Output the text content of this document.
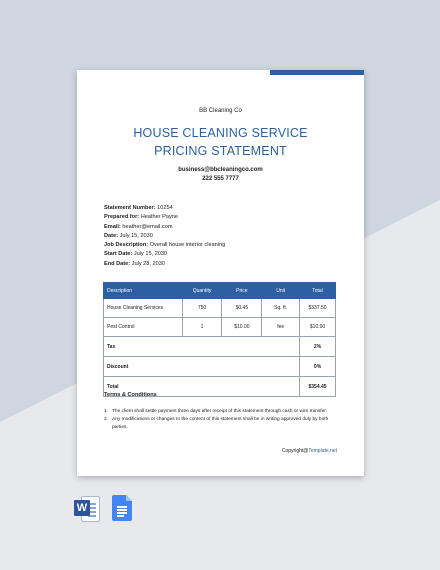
BB Cleaning Co
HOUSE CLEANING SERVICE
PRICING STATEMENT
business@bbcleaningco.com
222 555 7777
Statement Number: 10254
Prepared for: Heather Payne
Email: heather@email.com
Date: July 15, 2030
Job Description: Overall house interior cleaning
Start Date: July 15, 2030
End Date: July 28, 2030
Description	Quantity	Price	Unit	Total
House Cleaning Services	750	$0.45	Sq. ft.	$337.50
Pest Control	1	$10.00	fee	$10.00
Tax				2%
Discount				0%
Total				$354.45
Terms & Conditions
1. The client shall settle payment three days after receipt of this statement through cash or wire transfer.
2. Any modifications or changes to the content of this statement shall be in writing approved duly by both parties.
Copyright@Template.net
W
